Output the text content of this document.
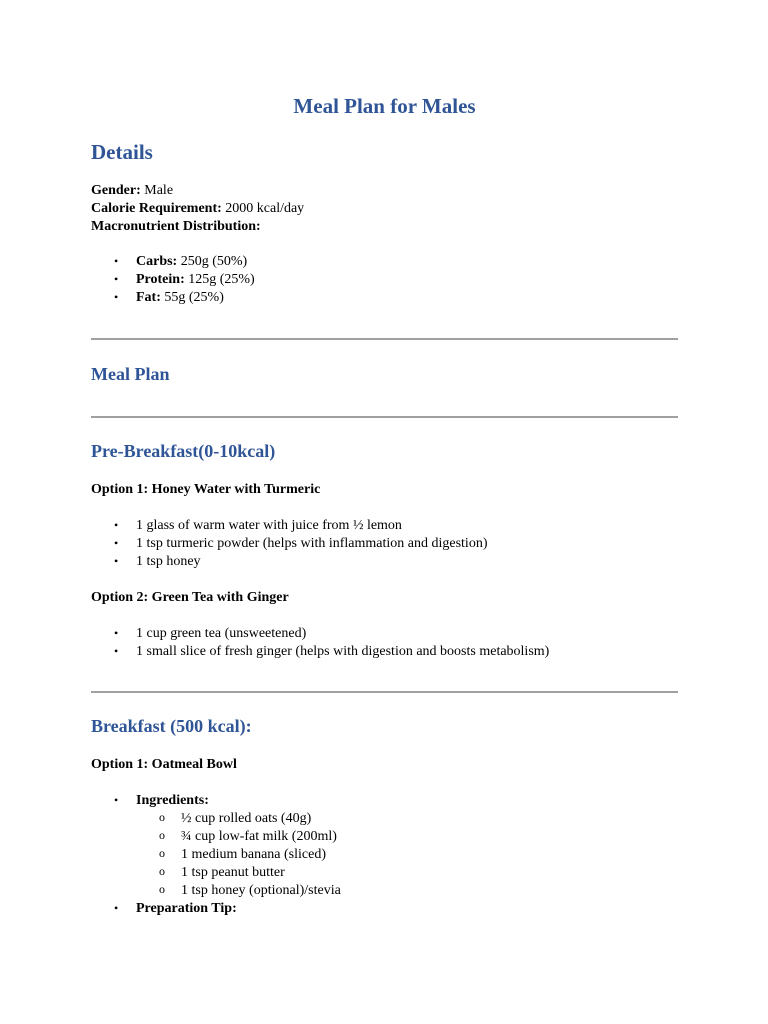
Meal Plan for Males
Details
Gender: Male
Calorie Requirement: 2000 kcal/day
Macronutrient Distribution:
• Carbs: 250g (50%)
• Protein: 125g (25%)
• Fat: 55g (25%)
Meal Plan
Pre-Breakfast(0-10kcal)
Option 1: Honey Water with Turmeric
• 1 glass of warm water with juice from ½ lemon
• 1 tsp turmeric powder (helps with inflammation and digestion)
• 1 tsp honey
Option 2: Green Tea with Ginger
• 1 cup green tea (unsweetened)
• 1 small slice of fresh ginger (helps with digestion and boosts metabolism)
Breakfast (500 kcal):
Option 1: Oatmeal Bowl
• Ingredients:
o ½ cup rolled oats (40g)
o ¾ cup low-fat milk (200ml)
o 1 medium banana (sliced)
o 1 tsp peanut butter
o 1 tsp honey (optional)/stevia
• Preparation Tip:
